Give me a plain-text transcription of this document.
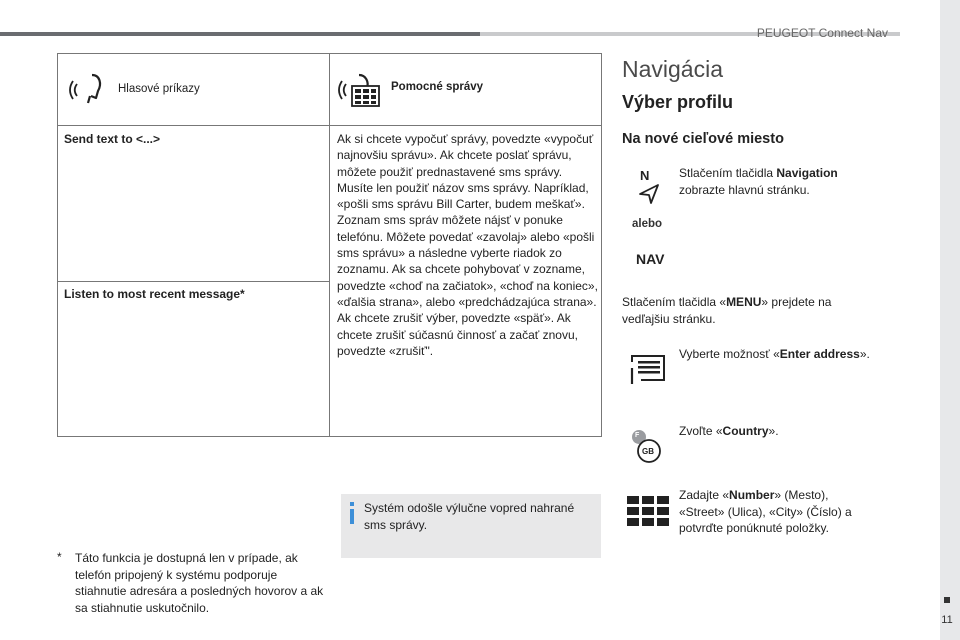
PEUGEOT Connect Nav
11
Hlasové príkazy	Pomocné správy
Send text to <...>
Listen to most recent message*
Ak si chcete vypočuť správy, povedzte «vypočuť najnovšiu správu». Ak chcete poslať správu, môžete použiť prednastavené sms správy. Musíte len použiť názov sms správy. Napríklad, «pošli sms správu Bill Carter, budem meškať». Zoznam sms správ môžete nájsť v ponuke telefónu. Môžete povedať «zavolaj» alebo «pošli sms správu» a následne vyberte riadok zo zoznamu. Ak sa chcete pohybovať v zozname, povedzte «choď na začiatok», «choď na koniec», «ďalšia strana», alebo «predchádzajúca strana». Ak chcete zrušiť výber, povedzte «späť». Ak chcete zrušiť súčasnú činnosť a začať znovu, povedzte «zrušiť".
Systém odošle výlučne vopred nahrané sms správy.
* Táto funkcia je dostupná len v prípade, ak telefón pripojený k systému podporuje stiahnutie adresára a posledných hovorov a ak sa stiahnutie uskutočnilo.
Navigácia
Výber profilu
Na nové cieľové miesto
N
alebo
NAV
Stlačením tlačidla Navigation zobrazte hlavnú stránku.
Stlačením tlačidla «MENU» prejdete na vedľajšiu stránku.
Vyberte možnosť «Enter address».
F
GB
Zvoľte «Country».
Zadajte «Number» (Mesto), «Street» (Ulica), «City» (Číslo) a potvrďte ponúknuté položky.
